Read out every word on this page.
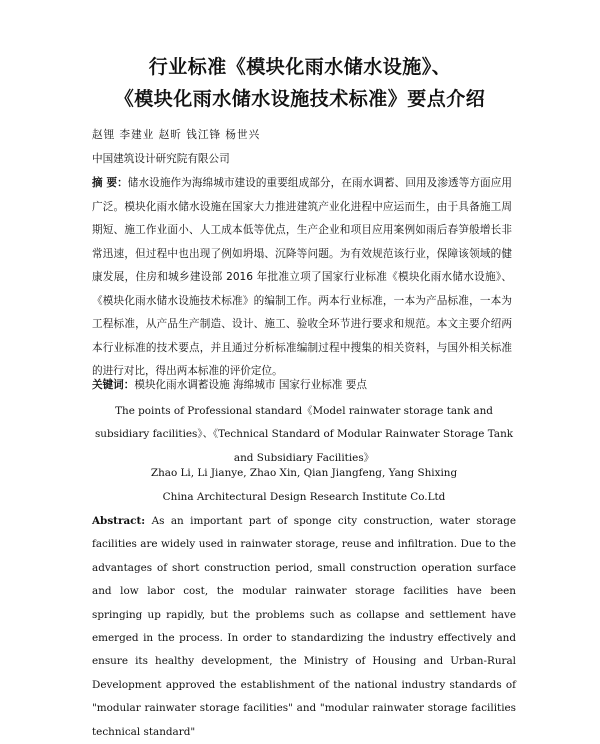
行业标准《模块化雨水储水设施》、
《模块化雨水储水设施技术标准》要点介绍
赵锂 李建业 赵昕 钱江锋 杨世兴
中国建筑设计研究院有限公司
摘 要：储水设施作为海绵城市建设的重要组成部分，在雨水调蓄、回用及渗透等方面应用广泛。模块化雨水储水设施在国家大力推进建筑产业化进程中应运而生，由于具备施工周期短、施工作业面小、人工成本低等优点，生产企业和项目应用案例如雨后春笋般增长非常迅速，但过程中也出现了例如坍塌、沉降等问题。为有效规范该行业，保障该领域的健康发展，住房和城乡建设部 2016 年批准立项了国家行业标准《模块化雨水储水设施》、《模块化雨水储水设施技术标准》的编制工作。两本行业标准，一本为产品标准，一本为工程标准，从产品生产制造、设计、施工、验收全环节进行要求和规范。本文主要介绍两本行业标准的技术要点，并且通过分析标准编制过程中搜集的相关资料，与国外相关标准的进行对比，得出两本标准的评价定位。
关键词：模块化雨水调蓄设施 海绵城市 国家行业标准 要点
The points of Professional standard《Model rainwater storage tank and subsidiary facilities》、《Technical Standard of Modular Rainwater Storage Tank and Subsidiary Facilities》
Zhao Li, Li Jianye, Zhao Xin, Qian Jiangfeng, Yang Shixing
China Architectural Design Research Institute Co.Ltd
Abstract: As an important part of sponge city construction, water storage facilities are widely used in rainwater storage, reuse and infiltration. Due to the advantages of short construction period, small construction operation surface and low labor cost, the modular rainwater storage facilities have been springing up rapidly, but the problems such as collapse and settlement have emerged in the process. In order to standardizing the industry effectively and ensure its healthy development, the Ministry of Housing and Urban-Rural Development approved the establishment of the national industry standards of "modular rainwater storage facilities" and "modular rainwater storage facilities technical standard"
